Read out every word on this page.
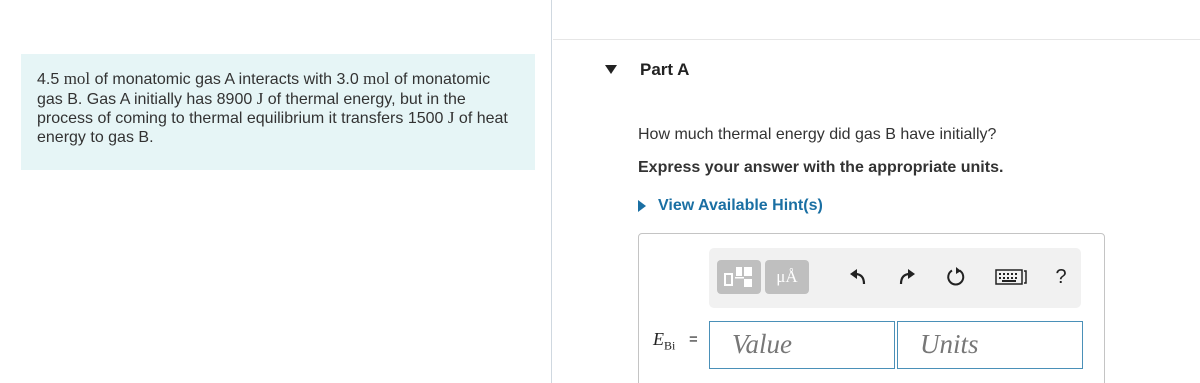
4.5 mol of monatomic gas A interacts with 3.0 mol of monatomic gas B. Gas A initially has 8900 J of thermal energy, but in the process of coming to thermal equilibrium it transfers 1500 J of heat energy to gas B.

Part A
How much thermal energy did gas B have initially?
Express your answer with the appropriate units.
View Available Hint(s)
μÅ	?
$E_{Bi}$ =	Value	Units
